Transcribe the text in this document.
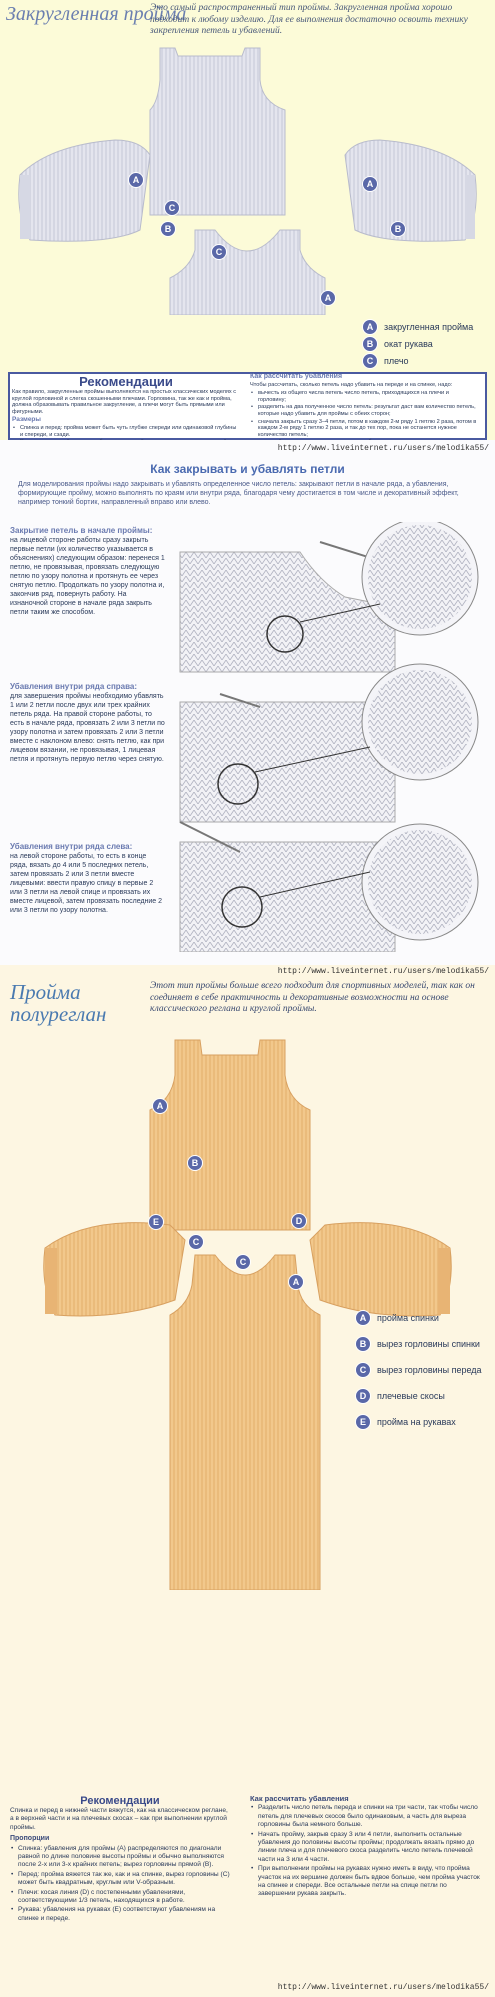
Закругленная пройма
Это самый распространенный тип проймы. Закругленная пройма хорошо подходит к любому изделию. Для ее выполнения достаточно освоить технику закрепления петель и убавлений.
A
C
B
A
B
C
A
A	закругленная пройма
B	окат рукава
C	плечо
Рекомендации

Как правило, закругленные проймы выполняются на простых классических моделях с круглой горловиной и слегка скошенными плечами. Горловина, так же как и пройма, должна образовывать правильное закругление, а плечи могут быть прямыми или фигурными.

Размеры
• Спинка и перед: пройма может быть чуть глубже спереди или одинаковой глубины и спереди, и сзади.
•
Как рассчитать убавления

Чтобы рассчитать, сколько петель надо убавить на переде и на спинке, надо:

• вычесть из общего числа петель число петель, приходящихся на плечи и горловину;
• разделить на два полученное число петель: результат даст вам количество петель, которые надо убавить для проймы с обеих сторон;
• сначала закрыть сразу 3–4 петли, потом в каждом 2-м ряду 1 петлю 2 раза, потом в каждом 2-м ряду 1 петлю 2 раза, и так до тех пор, пока не останется нужное количество петель;
•
http://www.liveinternet.ru/users/melodika55/
Как закрывать и убавлять петли
Для моделирования проймы надо закрывать и убавлять определенное число петель: закрывают петли в начале ряда, а убавления, формирующие пройму, можно выполнять по краям или внутри ряда, благодаря чему достигается в том числе и декоративный эффект, например тонкий бортик, направленный вправо или влево.
Закрытие петель в начале проймы:
на лицевой стороне работы сразу закрыть первые петли (их количество указывается в объяснениях) следующим образом: перенеся 1 петлю, не провязывая, провязать следующую петлю по узору полотна и протянуть ее через снятую петлю. Продолжать по узору полотна и, закончив ряд, повернуть работу. На изнаночной стороне в начале ряда закрыть петли таким же способом.
Убавления внутри ряда справа:
для завершения проймы необходимо убавлять 1 или 2 петли после двух или трех крайних петель ряда. На правой стороне работы, то есть в начале ряда, провязать 2 или 3 петли по узору полотна и затем провязать 2 или 3 петли вместе с наклоном влево: снять петлю, как при лицевом вязании, не провязывая, 1 лицевая петля и протянуть первую петлю через снятую.
Убавления внутри ряда слева:
на левой стороне работы, то есть в конце ряда, вязать до 4 или 5 последних петель, затем провязать 2 или 3 петли вместе лицевыми: ввести правую спицу в первые 2 или 3 петли на левой спице и провязать их вместе лицевой, затем провязать последние 2 или 3 петли по узору полотна.
http://www.liveinternet.ru/users/melodika55/
Пройма
полуреглан
Этот тип проймы больше всего подходит для спортивных моделей, так как он соединяет в себе практичность и декоративные возможности на основе классического реглана и круглой проймы.
A
B
E	D
C
C
A
A	пройма спинки
B	вырез горловины спинки
C	вырез горловины переда
D	плечевые скосы
E	пройма на рукавах
Рекомендации

Спинка и перед в нижней части вяжутся, как на классическом реглане, а в верхней части и на плечевых скосах – как при выполнении круглой проймы.

Пропорции
• Спинка: убавления для проймы (А) распределяются по диагонали равной по длине половине высоты проймы и обычно выполняются после 2-х или 3-х крайних петель; вырез горловины прямой (В).
• Перед: пройма вяжется так же, как и на спинке, вырез горловины (С) может быть квадратным, круглым или V-образным.
• Плечи: косая линия (D) с постепенными убавлениями, соответствующими 1/3 петель, находящихся в работе.
• Рукава: убавления на рукавах (Е) соответствуют убавлениям на спинке и переде.
Как рассчитать убавления
• Разделить число петель переда и спинки на три части, так чтобы число петель для плечевых скосов было одинаковым, а часть для выреза горловины была немного больше.
• Начать пройму, закрыв сразу 3 или 4 петли, выполнить остальные убавления до половины высоты проймы; продолжать вязать прямо до линии плеча и для плечевого скоса разделить число петель плечевой части на 3 или 4 части.
• При выполнении проймы на рукавах нужно иметь в виду, что пройма участок на их вершине должен быть вдвое больше, чем пройма участок на спинке и спереди. Все остальные петли на спице петли по завершении рукава закрыть.
http://www.liveinternet.ru/users/melodika55/
